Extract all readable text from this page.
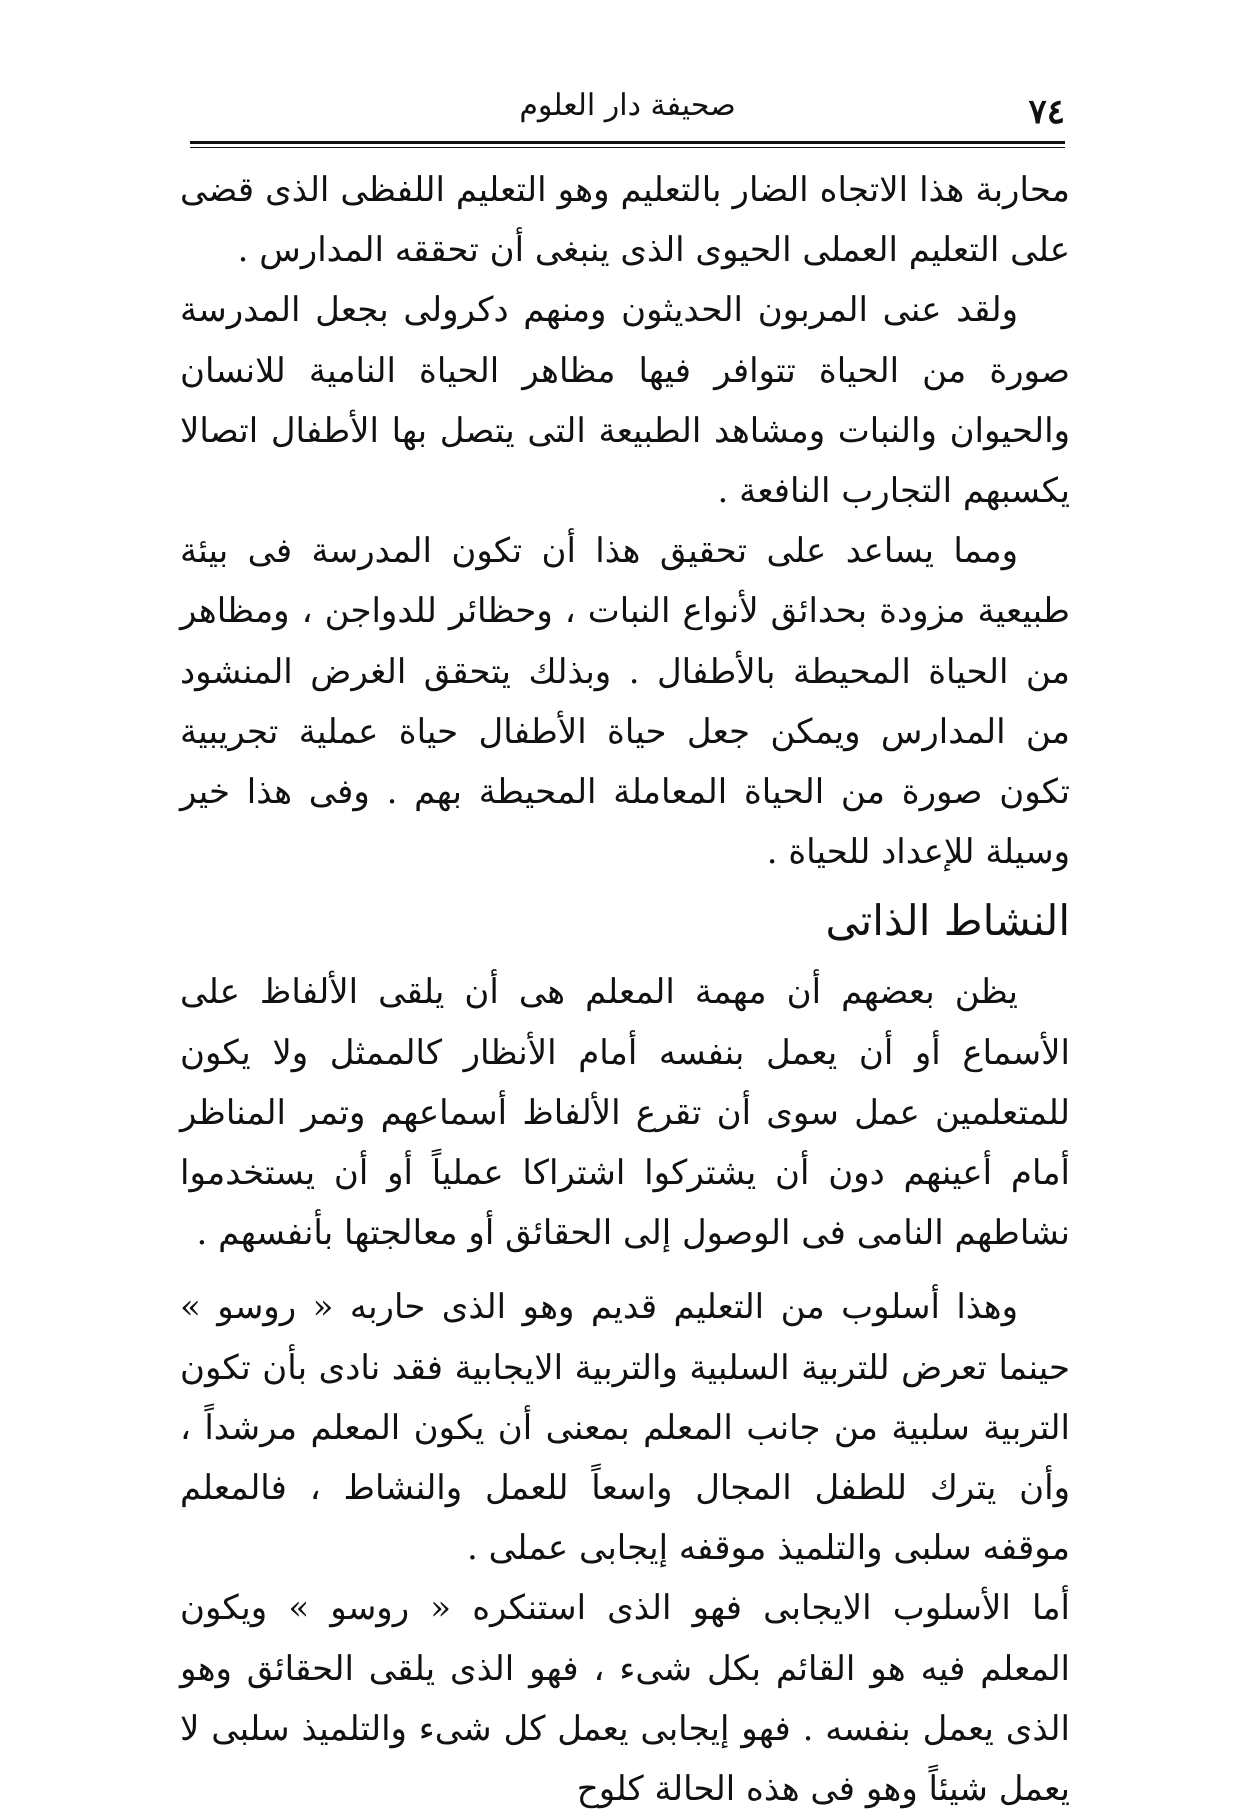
٧٤
صحيفة دار العلوم

محاربة هذا الاتجاه الضار بالتعليم وهو التعليم اللفظى الذى قضى على التعليم العملى الحيوى الذى ينبغى أن تحققه المدارس .

ولقد عنى المربون الحديثون ومنهم دكرولى بجعل المدرسة صورة من الحياة تتوافر فيها مظاهر الحياة النامية للانسان والحيوان والنبات ومشاهد الطبيعة التى يتصل بها الأطفال اتصالا يكسبهم التجارب النافعة .

ومما يساعد على تحقيق هذا أن تكون المدرسة فى بيئة طبيعية مزودة بحدائق لأنواع النبات ، وحظائر للدواجن ، ومظاهر من الحياة المحيطة بالأطفال . وبذلك يتحقق الغرض المنشود من المدارس ويمكن جعل حياة الأطفال حياة عملية تجريبية تكون صورة من الحياة المعاملة المحيطة بهم . وفى هذا خير وسيلة للإعداد للحياة .

النشاط الذاتى

يظن بعضهم أن مهمة المعلم هى أن يلقى الألفاظ على الأسماع أو أن يعمل بنفسه أمام الأنظار كالممثل ولا يكون للمتعلمين عمل سوى أن تقرع الألفاظ أسماعهم وتمر المناظر أمام أعينهم دون أن يشتركوا اشتراكا عملياً أو أن يستخدموا نشاطهم النامى فى الوصول إلى الحقائق أو معالجتها بأنفسهم .

وهذا أسلوب من التعليم قديم وهو الذى حاربه « روسو » حينما تعرض للتربية السلبية والتربية الايجابية فقد نادى بأن تكون التربية سلبية من جانب المعلم بمعنى أن يكون المعلم مرشداً ، وأن يترك للطفل المجال واسعاً للعمل والنشاط ، فالمعلم موقفه سلبى والتلميذ موقفه إيجابى عملى .

أما الأسلوب الايجابى فهو الذى استنكره « روسو » ويكون المعلم فيه هو القائم بكل شىء ، فهو الذى يلقى الحقائق وهو الذى يعمل بنفسه . فهو إيجابى يعمل كل شىء والتلميذ سلبى لا يعمل شيئاً وهو فى هذه الحالة كلوح
